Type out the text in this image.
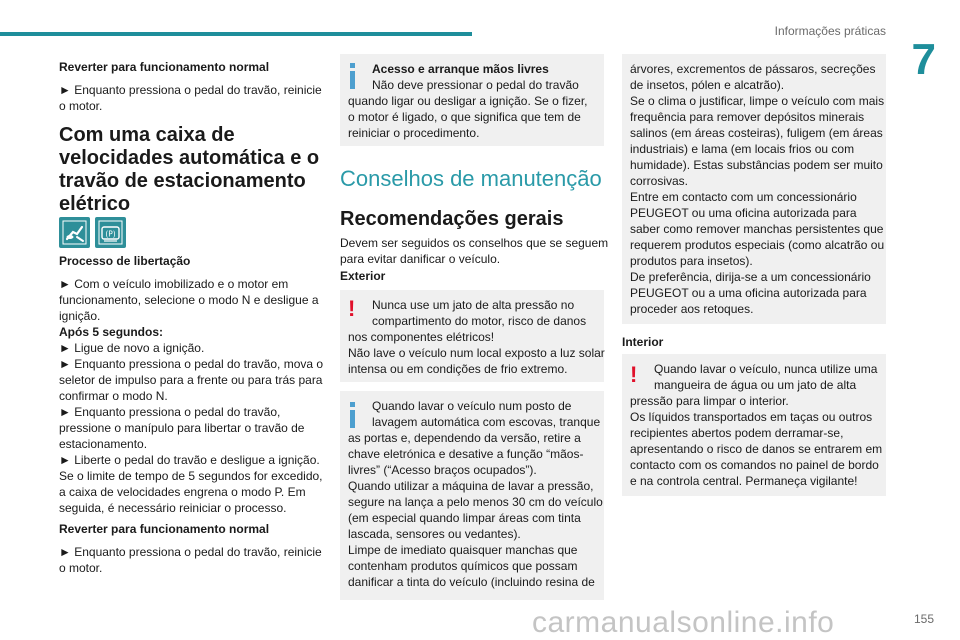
Informações práticas
7
155
carmanualsonline.info
Reverter para funcionamento normal
► Enquanto pressiona o pedal do travão, reinicie
o motor.
Com uma caixa de
velocidades automática e o
travão de estacionamento
elétrico
(P)
Processo de libertação
► Com o veículo imobilizado e o motor em
funcionamento, selecione o modo N e desligue a
ignição.
Após 5 segundos:
► Ligue de novo a ignição.
► Enquanto pressiona o pedal do travão, mova o
seletor de impulso para a frente ou para trás para
confirmar o modo N.
► Enquanto pressiona o pedal do travão,
pressione o manípulo para libertar o travão de
estacionamento.
► Liberte o pedal do travão e desligue a ignição.
Se o limite de tempo de 5 segundos for excedido,
a caixa de velocidades engrena o modo P. Em
seguida, é necessário reiniciar o processo.
Reverter para funcionamento normal
► Enquanto pressiona o pedal do travão, reinicie
o motor.
Acesso e arranque mãos livres
Não deve pressionar o pedal do travão
quando ligar ou desligar a ignição. Se o fizer,
o motor é ligado, o que significa que tem de
reiniciar o procedimento.
Conselhos de manutenção
Recomendações gerais
Devem ser seguidos os conselhos que se seguem
para evitar danificar o veículo.
Exterior
! Nunca use um jato de alta pressão no
compartimento do motor, risco de danos
nos componentes elétricos!
Não lave o veículo num local exposto a luz solar
intensa ou em condições de frio extremo.
Quando lavar o veículo num posto de
lavagem automática com escovas, tranque
as portas e, dependendo da versão, retire a
chave eletrónica e desative a função “mãos-
livres” (“Acesso braços ocupados”).
Quando utilizar a máquina de lavar a pressão,
segure na lança a pelo menos 30 cm do veículo
(em especial quando limpar áreas com tinta
lascada, sensores ou vedantes).
Limpe de imediato quaisquer manchas que
contenham produtos químicos que possam
danificar a tinta do veículo (incluindo resina de
árvores, excrementos de pássaros, secreções
de insetos, pólen e alcatrão).
Se o clima o justificar, limpe o veículo com mais
frequência para remover depósitos minerais
salinos (em áreas costeiras), fuligem (em áreas
industriais) e lama (em locais frios ou com
humidade). Estas substâncias podem ser muito
corrosivas.
Entre em contacto com um concessionário
PEUGEOT ou uma oficina autorizada para
saber como remover manchas persistentes que
requerem produtos especiais (como alcatrão ou
produtos para insetos).
De preferência, dirija-se a um concessionário
PEUGEOT ou a uma oficina autorizada para
proceder aos retoques.
Interior
! Quando lavar o veículo, nunca utilize uma
mangueira de água ou um jato de alta
pressão para limpar o interior.
Os líquidos transportados em taças ou outros
recipientes abertos podem derramar-se,
apresentando o risco de danos se entrarem em
contacto com os comandos no painel de bordo
e na controla central. Permaneça vigilante!
